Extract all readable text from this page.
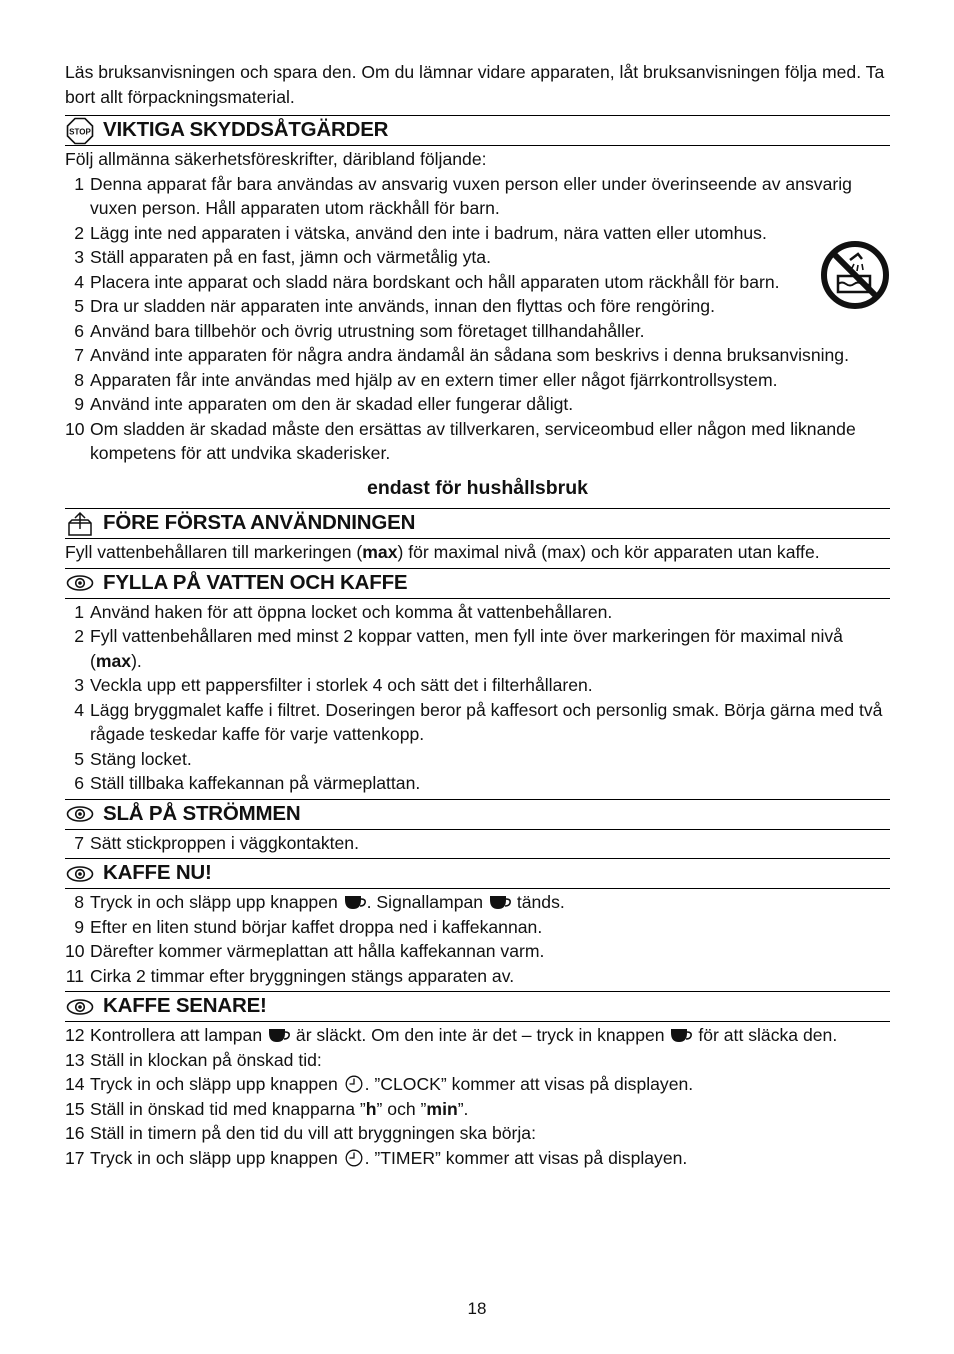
Läs bruksanvisningen och spara den. Om du lämnar vidare apparaten, låt bruksanvisningen följa med. Ta bort allt förpackningsmaterial.

STOP VIKTIGA SKYDDSÅTGÄRDER

Följ allmänna säkerhetsföreskrifter, däribland följande:

1 Denna apparat får bara användas av ansvarig vuxen person eller under överinseende av ansvarig vuxen person. Håll apparaten utom räckhåll för barn.
2 Lägg inte ned apparaten i vätska, använd den inte i badrum, nära vatten eller utomhus.
3 Ställ apparaten på en fast, jämn och värmetålig yta.
4 Placera inte apparat och sladd nära bordskant och håll apparaten utom räckhåll för barn.
5 Dra ur sladden när apparaten inte används, innan den flyttas och före rengöring.
6 Använd bara tillbehör och övrig utrustning som företaget tillhandahåller.
7 Använd inte apparaten för några andra ändamål än sådana som beskrivs i denna bruksanvisning.
8 Apparaten får inte användas med hjälp av en extern timer eller något fjärrkontrollsystem.
9 Använd inte apparaten om den är skadad eller fungerar dåligt.
10 Om sladden är skadad måste den ersättas av tillverkaren, serviceombud eller någon med liknande kompetens för att undvika skaderisker.
endast för hushållsbruk
FÖRE FÖRSTA ANVÄNDNINGEN

Fyll vattenbehållaren till markeringen (max) för maximal nivå (max) och kör apparaten utan kaffe.

FYLLA PÅ VATTEN OCH KAFFE
1 Använd haken för att öppna locket och komma åt vattenbehållaren.
2 Fyll vattenbehållaren med minst 2 koppar vatten, men fyll inte över markeringen för maximal nivå (max).
3 Veckla upp ett pappersfilter i storlek 4 och sätt det i filterhållaren.
4 Lägg bryggmalet kaffe i filtret. Doseringen beror på kaffesort och personlig smak. Börja gärna med två rågade teskedar kaffe för varje vattenkopp.
5 Stäng locket.
6 Ställ tillbaka kaffekannan på värmeplattan.
SLÅ PÅ STRÖMMEN
7 Sätt stickproppen i väggkontakten.
KAFFE NU!
8 Tryck in och släpp upp knappen . Signallampan  tänds.
9 Efter en liten stund börjar kaffet droppa ned i kaffekannan.
10 Därefter kommer värmeplattan att hålla kaffekannan varm.
11 Cirka 2 timmar efter bryggningen stängs apparaten av.
KAFFE SENARE!
12 Kontrollera att lampan  är släckt. Om den inte är det – tryck in knappen  för att släcka den.
13 Ställ in klockan på önskad tid:
14 Tryck in och släpp upp knappen . ”CLOCK” kommer att visas på displayen.
15 Ställ in önskad tid med knapparna ”h” och ”min”.
16 Ställ in timern på den tid du vill att bryggningen ska börja:
17 Tryck in och släpp upp knappen . ”TIMER” kommer att visas på displayen.
18
